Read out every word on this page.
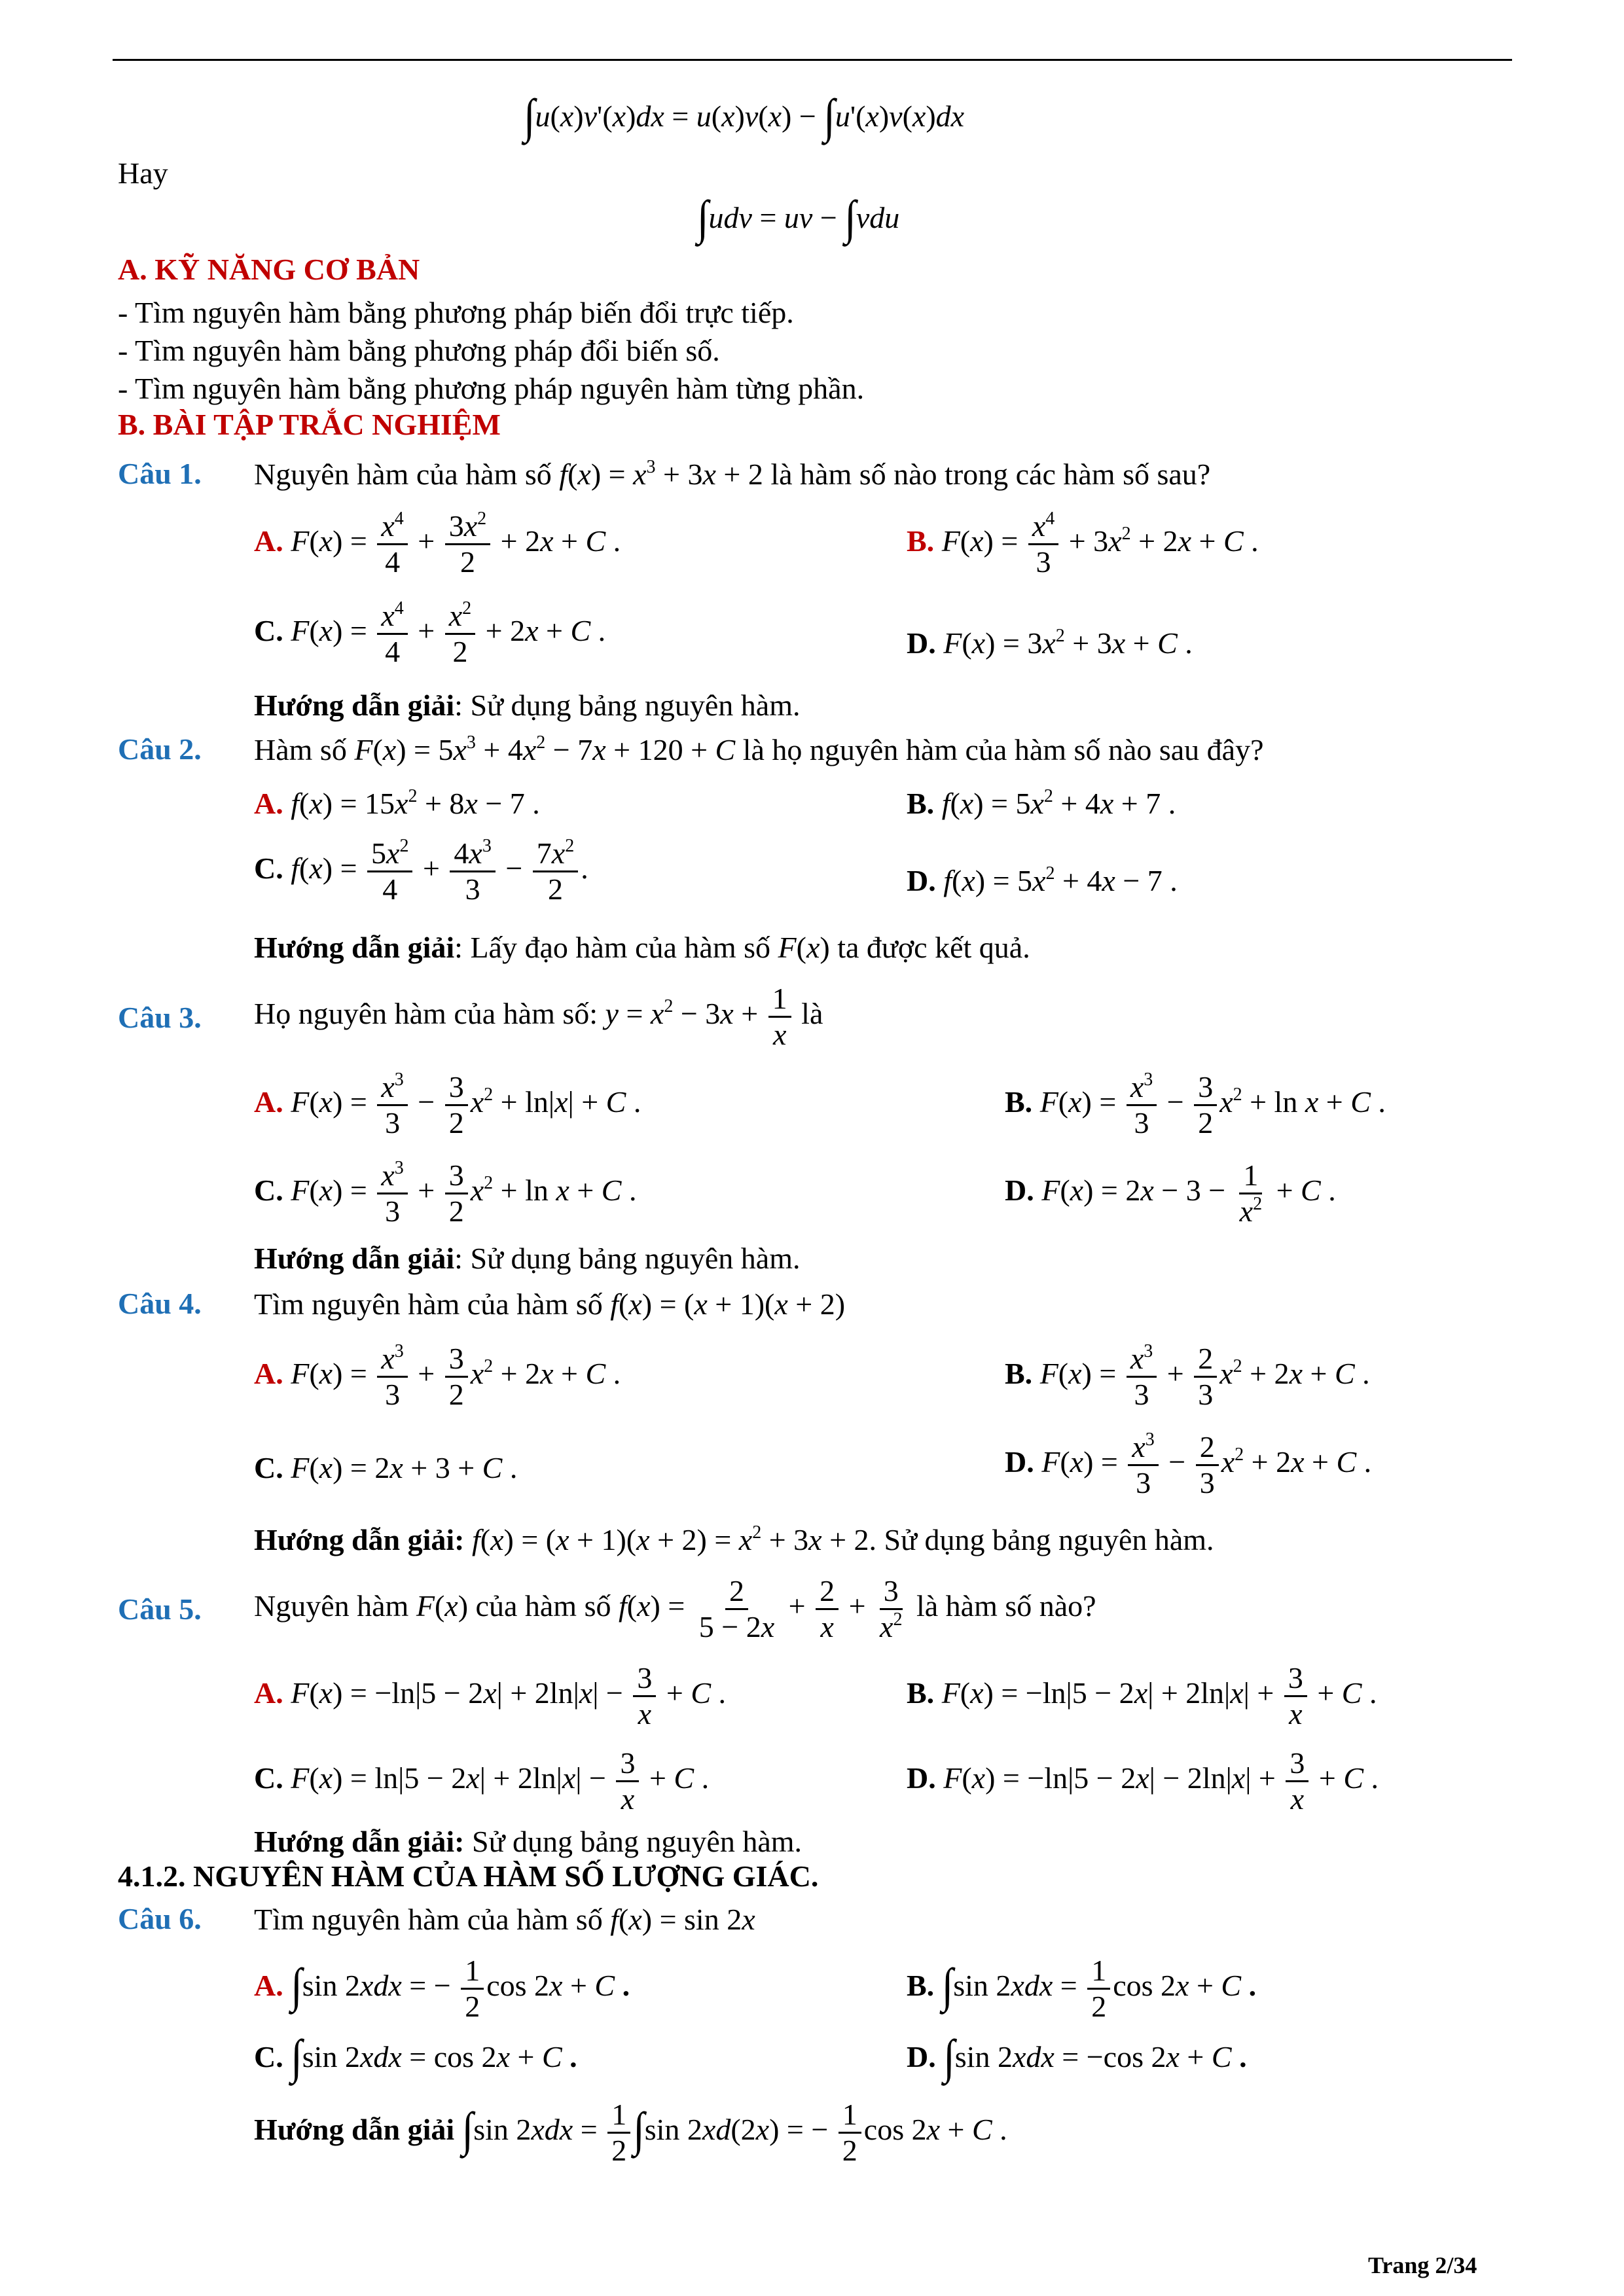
∫u(x)v'(x)dx = u(x)v(x) − ∫u'(x)v(x)dx
Hay
∫udv = uv − ∫vdu
A. KỸ NĂNG CƠ BẢN
- Tìm nguyên hàm bằng phương pháp biến đổi trực tiếp.
- Tìm nguyên hàm bằng phương pháp đổi biến số.
- Tìm nguyên hàm bằng phương pháp nguyên hàm từng phần.
B. BÀI TẬP TRẮC NGHIỆM
Câu 1. Nguyên hàm của hàm số $f(x) = x^3 + 3x + 2$ là hàm số nào trong các hàm số sau?
A. $F(x) = \frac{x^4}{4} + \frac{3x^2}{2} + 2x + C$ .	B. $F(x) = \frac{x^4}{3} + 3x^2 + 2x + C$ .
C. $F(x) = \frac{x^4}{4} + \frac{x^2}{2} + 2x + C$ .	D. $F(x) = 3x^2 + 3x + C$ .
Hướng dẫn giải: Sử dụng bảng nguyên hàm.
Câu 2. Hàm số $F(x) = 5x^3 + 4x^2 - 7x + 120 + C$ là họ nguyên hàm của hàm số nào sau đây?
A. $f(x) = 15x^2 + 8x - 7$ .	B. $f(x) = 5x^2 + 4x + 7$ .
C. $f(x) = \frac{5x^2}{4} + \frac{4x^3}{3} - \frac{7x^2}{2}$ .	D. $f(x) = 5x^2 + 4x - 7$ .
Hướng dẫn giải: Lấy đạo hàm của hàm số F(x) ta được kết quả.
Câu 3. Họ nguyên hàm của hàm số: $y = x^2 - 3x + \frac{1}{x}$ là
A. $F(x) = \frac{x^3}{3} - \frac{3}{2} x^2 + \ln|x| + C$ .	B. $F(x) = \frac{x^3}{3} - \frac{3}{2} x^2 + \ln x + C$ .
C. $F(x) = \frac{x^3}{3} + \frac{3}{2} x^2 + \ln x + C$ .	D. $F(x) = 2x - 3 - \frac{1}{x^2} + C$ .
Hướng dẫn giải: Sử dụng bảng nguyên hàm.
Câu 4. Tìm nguyên hàm của hàm số f(x) = (x + 1)(x + 2)
A. $F(x) = \frac{x^3}{3} + \frac{3}{2} x^2 + 2x + C$ .	B. $F(x) = \frac{x^3}{3} + \frac{2}{3} x^2 + 2x + C$ .
C. F(x) = 2x + 3 + C .	D. $F(x) = \frac{x^3}{3} - \frac{2}{3} x^2 + 2x + C$ .
Hướng dẫn giải: $f(x) = (x + 1)(x + 2) = x^2 + 3x + 2$. Sử dụng bảng nguyên hàm.
Câu 5. Nguyên hàm F(x) của hàm số $f(x) = \frac{2}{5 - 2x} + \frac{2}{x} + \frac{3}{x^2}$ là hàm số nào?
A. $F(x) = -\ln|5 - 2x| + 2\ln|x| - \frac{3}{x} + C$ .	B. $F(x) = -\ln|5 - 2x| + 2\ln|x| + \frac{3}{x} + C$ .
C. $F(x) = \ln|5 - 2x| + 2\ln|x| - \frac{3}{x} + C$ .	D. $F(x) = -\ln|5 - 2x| - 2\ln|x| + \frac{3}{x} + C$ .
Hướng dẫn giải: Sử dụng bảng nguyên hàm.
4.1.2. NGUYÊN HÀM CỦA HÀM SỐ LƯỢNG GIÁC.
Câu 6. Tìm nguyên hàm của hàm số f(x) = sin 2x
A. ∫sin 2xdx = − $\frac{1}{2}$ cos 2x + C .	B. ∫sin $2xdx = \frac{1}{2}$ cos 2x + C .
C. ∫sin 2xdx = cos 2x + C .	D. ∫sin 2xdx = −cos 2x + C .
Hướng dẫn giải ∫sin $2xdx = \frac{1}{2} \int\sin$ 2xd(2x) = − $\frac{1}{2}$ cos 2x + C .
Trang 2/34
